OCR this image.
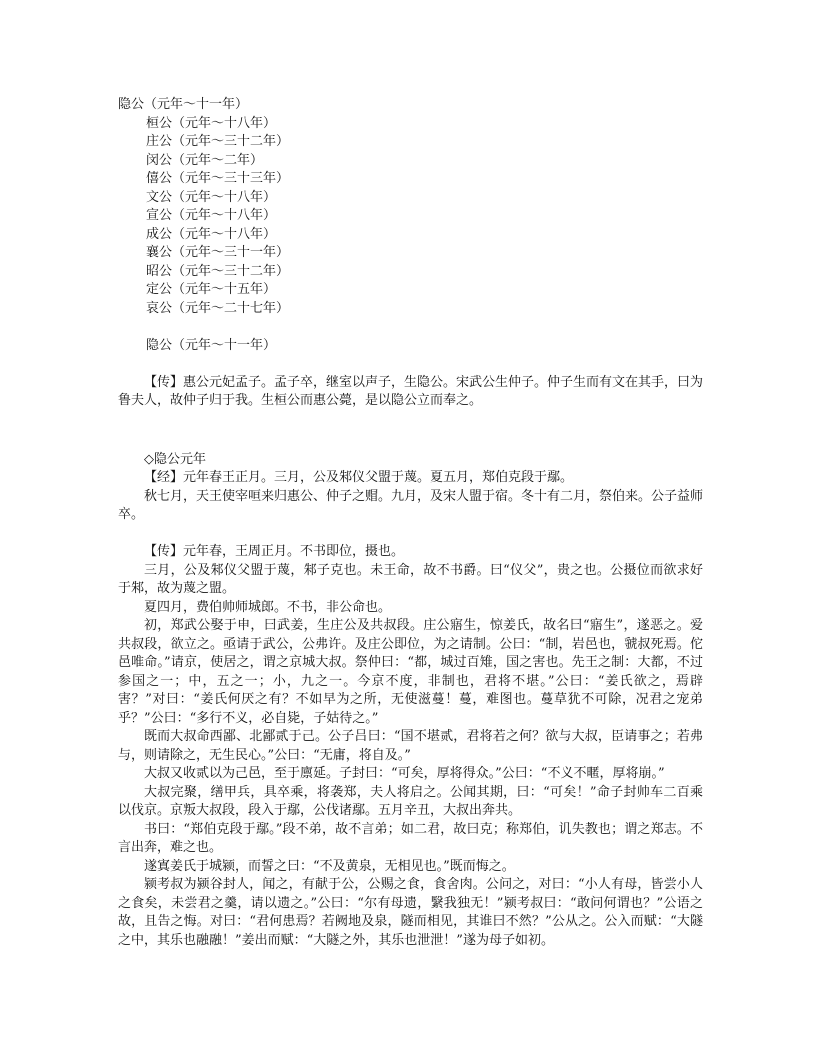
隐公（元年～十一年）
桓公（元年～十八年）
庄公（元年～三十二年）
闵公（元年～二年）
僖公（元年～三十三年）
文公（元年～十八年）
宣公（元年～十八年）
成公（元年～十八年）
襄公（元年～三十一年）
昭公（元年～三十二年）
定公（元年～十五年）
哀公（元年～二十七年）
隐公（元年～十一年）

【传】惠公元妃孟子。孟子卒，继室以声子，生隐公。宋武公生仲子。仲子生而有文在其手，曰为鲁夫人，故仲子归于我。生桓公而惠公薨，是以隐公立而奉之。

◇隐公元年

【经】元年春王正月。三月，公及邾仪父盟于蔑。夏五月，郑伯克段于鄢。

秋七月，天王使宰咺来归惠公、仲子之赗。九月，及宋人盟于宿。冬十有二月，祭伯来。公子益师卒。

【传】元年春，王周正月。不书即位，摄也。

三月，公及邾仪父盟于蔑，邾子克也。未王命，故不书爵。曰“仪父”，贵之也。公摄位而欲求好于邾，故为蔑之盟。

夏四月，费伯帅师城郎。不书，非公命也。

初，郑武公娶于申，曰武姜，生庄公及共叔段。庄公寤生，惊姜氏，故名曰“寤生”，遂恶之。爱共叔段，欲立之。亟请于武公，公弗许。及庄公即位，为之请制。公曰：“制，岩邑也，虢叔死焉。佗邑唯命。”请京，使居之，谓之京城大叔。祭仲曰：“都，城过百雉，国之害也。先王之制：大都，不过参国之一；中，五之一；小，九之一。今京不度，非制也，君将不堪。”公曰：“姜氏欲之，焉辟害？”对曰：“姜氏何厌之有？不如早为之所，无使滋蔓！蔓，难图也。蔓草犹不可除，况君之宠弟乎？”公曰：“多行不义，必自毙，子姑待之。”

既而大叔命西鄙、北鄙贰于己。公子吕曰：“国不堪贰，君将若之何？欲与大叔，臣请事之；若弗与，则请除之，无生民心。”公曰：“无庸，将自及。”

大叔又收贰以为己邑，至于廪延。子封曰：“可矣，厚将得众。”公曰：“不义不暱，厚将崩。”

大叔完聚，缮甲兵，具卒乘，将袭郑，夫人将启之。公闻其期，曰：“可矣！”命子封帅车二百乘以伐京。京叛大叔段，段入于鄢，公伐诸鄢。五月辛丑，大叔出奔共。

书曰：“郑伯克段于鄢。”段不弟，故不言弟；如二君，故曰克；称郑伯，讥失教也；谓之郑志。不言出奔，难之也。

遂寘姜氏于城颍，而誓之曰：“不及黄泉，无相见也。”既而悔之。

颍考叔为颍谷封人，闻之，有献于公，公赐之食，食舍肉。公问之，对曰：“小人有母，皆尝小人之食矣，未尝君之羹，请以遗之。”公曰：“尔有母遗，繄我独无！”颍考叔曰：“敢问何谓也？”公语之故，且告之悔。对曰：“君何患焉？若阙地及泉，隧而相见，其谁曰不然？”公从之。公入而赋：“大隧之中，其乐也融融！”姜出而赋：“大隧之外，其乐也泄泄！”遂为母子如初。
